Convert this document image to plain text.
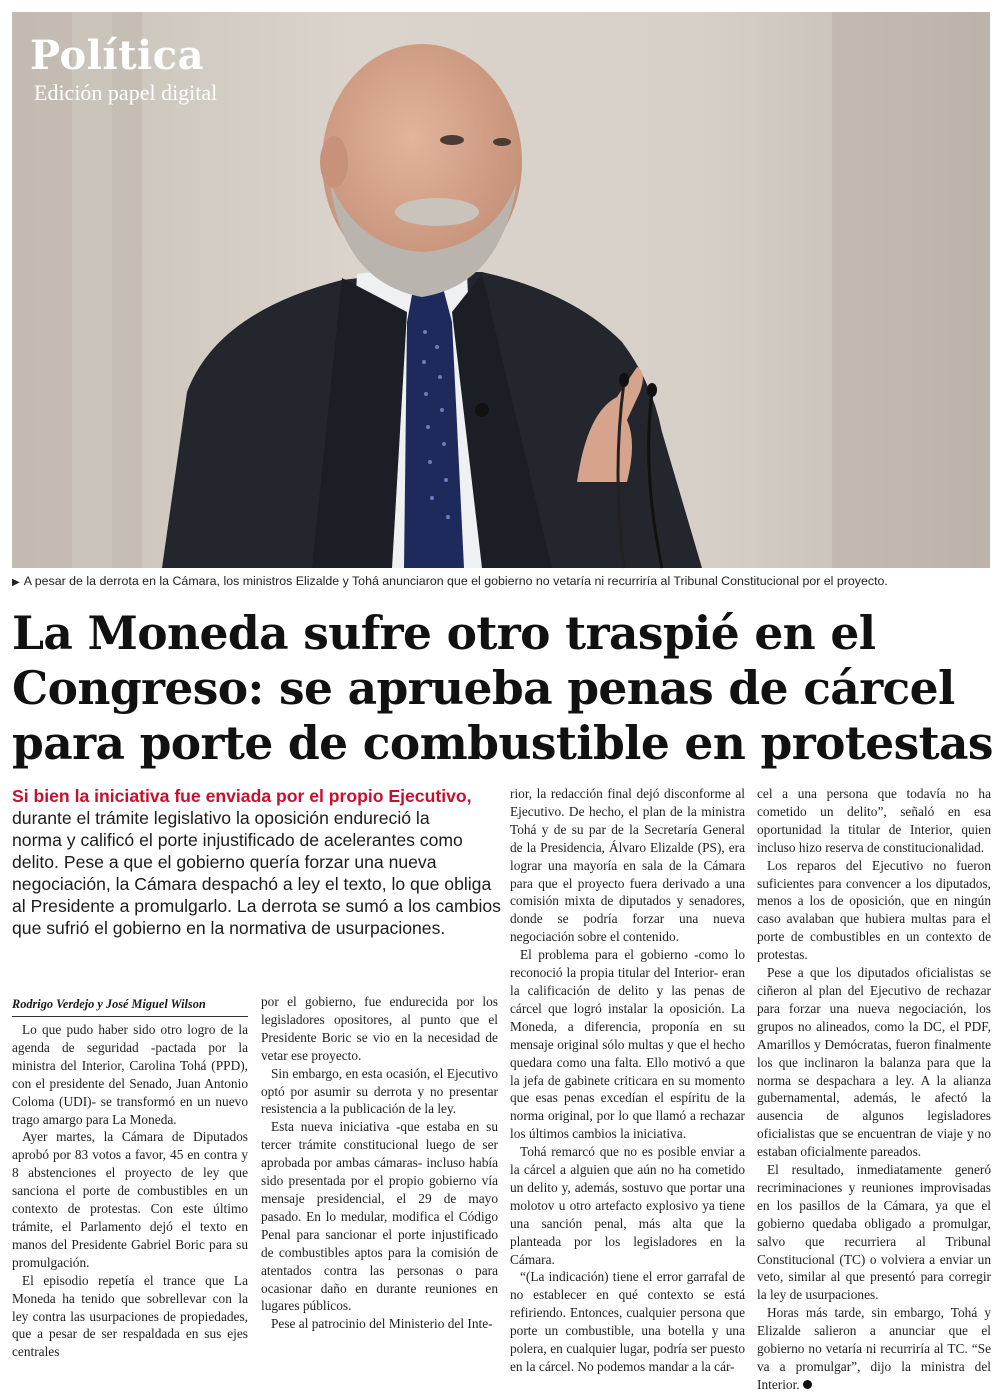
Política
Edición papel digital
▶ A pesar de la derrota en la Cámara, los ministros Elizalde y Tohá anunciaron que el gobierno no vetaría ni recurriría al Tribunal Constitucional por el proyecto.
La Moneda sufre otro traspié en el
Congreso: se aprueba penas de cárcel
para porte de combustible en protestas
Si bien la iniciativa fue enviada por el propio Ejecutivo,
durante el trámite legislativo la oposición endureció la
norma y calificó el porte injustificado de acelerantes como
delito. Pese a que el gobierno quería forzar una nueva
negociación, la Cámara despachó a ley el texto, lo que obliga
al Presidente a promulgarlo. La derrota se sumó a los cambios
que sufrió el gobierno en la normativa de usurpaciones.
Rodrigo Verdejo y José Miguel Wilson

Lo que pudo haber sido otro logro de la agenda de seguridad -pactada por la ministra del Interior, Carolina Tohá (PPD), con el presidente del Senado, Juan Antonio Coloma (UDI)- se transformó en un nuevo trago amargo para La Moneda.

Ayer martes, la Cámara de Diputados aprobó por 83 votos a favor, 45 en contra y 8 abstenciones el proyecto de ley que sanciona el porte de combustibles en un contexto de protestas. Con este último trámite, el Parlamento dejó el texto en manos del Presidente Gabriel Boric para su promulgación.

El episodio repetía el trance que La Moneda ha tenido que sobrellevar con la ley contra las usurpaciones de propiedades, que a pesar de ser respaldada en sus ejes centrales

por el gobierno, fue endurecida por los legisladores opositores, al punto que el Presidente Boric se vio en la necesidad de vetar ese proyecto.

Sin embargo, en esta ocasión, el Ejecutivo optó por asumir su derrota y no presentar resistencia a la publicación de la ley.

Esta nueva iniciativa -que estaba en su tercer trámite constitucional luego de ser aprobada por ambas cámaras- incluso había sido presentada por el propio gobierno vía mensaje presidencial, el 29 de mayo pasado. En lo medular, modifica el Código Penal para sancionar el porte injustificado de combustibles aptos para la comisión de atentados contra las personas o para ocasionar daño en durante reuniones en lugares públicos.

Pese al patrocinio del Ministerio del Inte-

rior, la redacción final dejó disconforme al Ejecutivo. De hecho, el plan de la ministra Tohá y de su par de la Secretaría General de la Presidencia, Álvaro Elizalde (PS), era lograr una mayoría en sala de la Cámara para que el proyecto fuera derivado a una comisión mixta de diputados y senadores, donde se podría forzar una nueva negociación sobre el contenido.

El problema para el gobierno -como lo reconoció la propia titular del Interior- eran la calificación de delito y las penas de cárcel que logró instalar la oposición. La Moneda, a diferencia, proponía en su mensaje original sólo multas y que el hecho quedara como una falta. Ello motivó a que la jefa de gabinete criticara en su momento que esas penas excedían el espíritu de la norma original, por lo que llamó a rechazar los últimos cambios la iniciativa.

Tohá remarcó que no es posible enviar a la cárcel a alguien que aún no ha cometido un delito y, además, sostuvo que portar una molotov u otro artefacto explosivo ya tiene una sanción penal, más alta que la planteada por los legisladores en la Cámara.

“(La indicación) tiene el error garrafal de no establecer en qué contexto se está refiriendo. Entonces, cualquier persona que porte un combustible, una botella y una polera, en cualquier lugar, podría ser puesto en la cárcel. No podemos mandar a la cár-

cel a una persona que todavía no ha cometido un delito”, señaló en esa oportunidad la titular de Interior, quien incluso hizo reserva de constitucionalidad.

Los reparos del Ejecutivo no fueron suficientes para convencer a los diputados, menos a los de oposición, que en ningún caso avalaban que hubiera multas para el porte de combustibles en un contexto de protestas.

Pese a que los diputados oficialistas se ciñeron al plan del Ejecutivo de rechazar para forzar una nueva negociación, los grupos no alineados, como la DC, el PDF, Amarillos y Demócratas, fueron finalmente los que inclinaron la balanza para que la norma se despachara a ley. A la alianza gubernamental, además, le afectó la ausencia de algunos legisladores oficialistas que se encuentran de viaje y no estaban oficialmente pareados.

El resultado, inmediatamente generó recriminaciones y reuniones improvisadas en los pasillos de la Cámara, ya que el gobierno quedaba obligado a promulgar, salvo que recurriera al Tribunal Constitucional (TC) o volviera a enviar un veto, similar al que presentó para corregir la ley de usurpaciones.

Horas más tarde, sin embargo, Tohá y Elizalde salieron a anunciar que el gobierno no vetaría ni recurriría al TC. “Se va a promulgar”, dijo la ministra del Interior.
